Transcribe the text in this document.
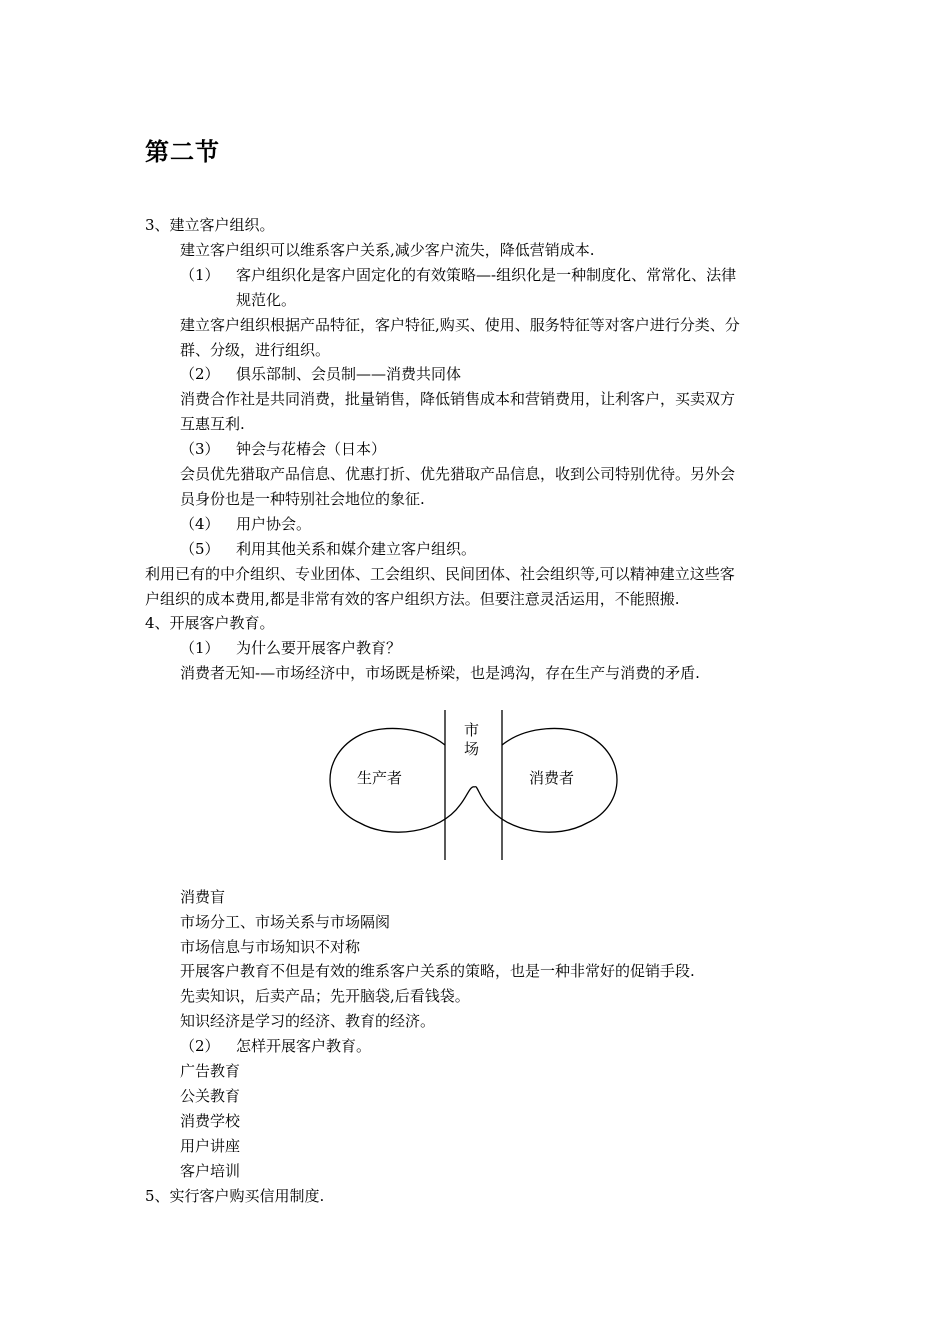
第二节
3、建立客户组织。
建立客户组织可以维系客户关系,减少客户流失，降低营销成本.
（1） 客户组织化是客户固定化的有效策略—-组织化是一种制度化、常常化、法律
规范化。
建立客户组织根据产品特征，客户特征,购买、使用、服务特征等对客户进行分类、分
群、分级，进行组织。
（2） 俱乐部制、会员制——消费共同体
消费合作社是共同消费，批量销售，降低销售成本和营销费用，让利客户，买卖双方
互惠互利.
（3） 钟会与花椿会（日本）
会员优先猎取产品信息、优惠打折、优先猎取产品信息，收到公司特别优待。另外会
员身份也是一种特别社会地位的象征.
（4） 用户协会。
（5） 利用其他关系和媒介建立客户组织。
利用已有的中介组织、专业团体、工会组织、民间团体、社会组织等,可以精神建立这些客
户组织的成本费用,都是非常有效的客户组织方法。但要注意灵活运用，不能照搬.
4、开展客户教育。
（1） 为什么要开展客户教育？
消费者无知-—市场经济中，市场既是桥梁，也是鸿沟，存在生产与消费的矛盾.
市
场
生产者	消费者
消费盲
市场分工、市场关系与市场隔阂
市场信息与市场知识不对称
开展客户教育不但是有效的维系客户关系的策略，也是一种非常好的促销手段.
先卖知识，后卖产品；先开脑袋,后看钱袋。
知识经济是学习的经济、教育的经济。
（2） 怎样开展客户教育。
广告教育
公关教育
消费学校
用户讲座
客户培训
5、实行客户购买信用制度.
